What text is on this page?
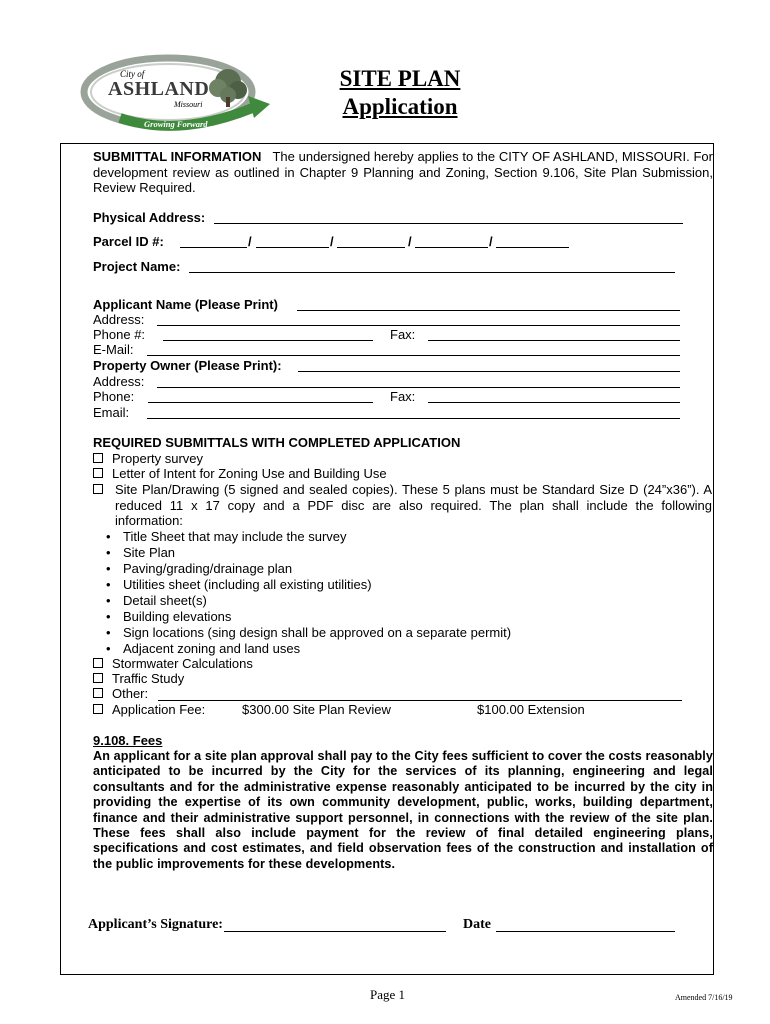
City of
ASHLAND
Missouri
Growing Forward
SITE PLAN
Application
SUBMITTAL INFORMATION The undersigned hereby applies to the CITY OF ASHLAND, MISSOURI. For development review as outlined in Chapter 9 Planning and Zoning, Section 9.106, Site Plan Submission, Review Required.
Physical Address:
Parcel ID #:	/	/	/	/
Project Name:
Applicant Name (Please Print)
Address:
Phone #:	Fax:
E-Mail:
Property Owner (Please Print):
Address:
Phone:	Fax:
Email:
REQUIRED SUBMITTALS WITH COMPLETED APPLICATION
Property survey
Letter of Intent for Zoning Use and Building Use
Site Plan/Drawing (5 signed and sealed copies). These 5 plans must be Standard Size D (24”x36”). A reduced 11 x 17 copy and a PDF disc are also required. The plan shall include the following information:
• Title Sheet that may include the survey
• Site Plan
• Paving/grading/drainage plan
• Utilities sheet (including all existing utilities)
• Detail sheet(s)
• Building elevations
• Sign locations (sing design shall be approved on a separate permit)
• Adjacent zoning and land uses
Stormwater Calculations
Traffic Study
Other:
Application Fee:	$300.00 Site Plan Review	$100.00 Extension
9.108. Fees
An applicant for a site plan approval shall pay to the City fees sufficient to cover the costs reasonably anticipated to be incurred by the City for the services of its planning, engineering and legal consultants and for the administrative expense reasonably anticipated to be incurred by the city in providing the expertise of its own community development, public, works, building department, finance and their administrative support personnel, in connections with the review of the site plan. These fees shall also include payment for the review of final detailed engineering plans, specifications and cost estimates, and field observation fees of the construction and installation of the public improvements for these developments.
Applicant’s Signature:	Date
Page 1	Amended 7/16/19
